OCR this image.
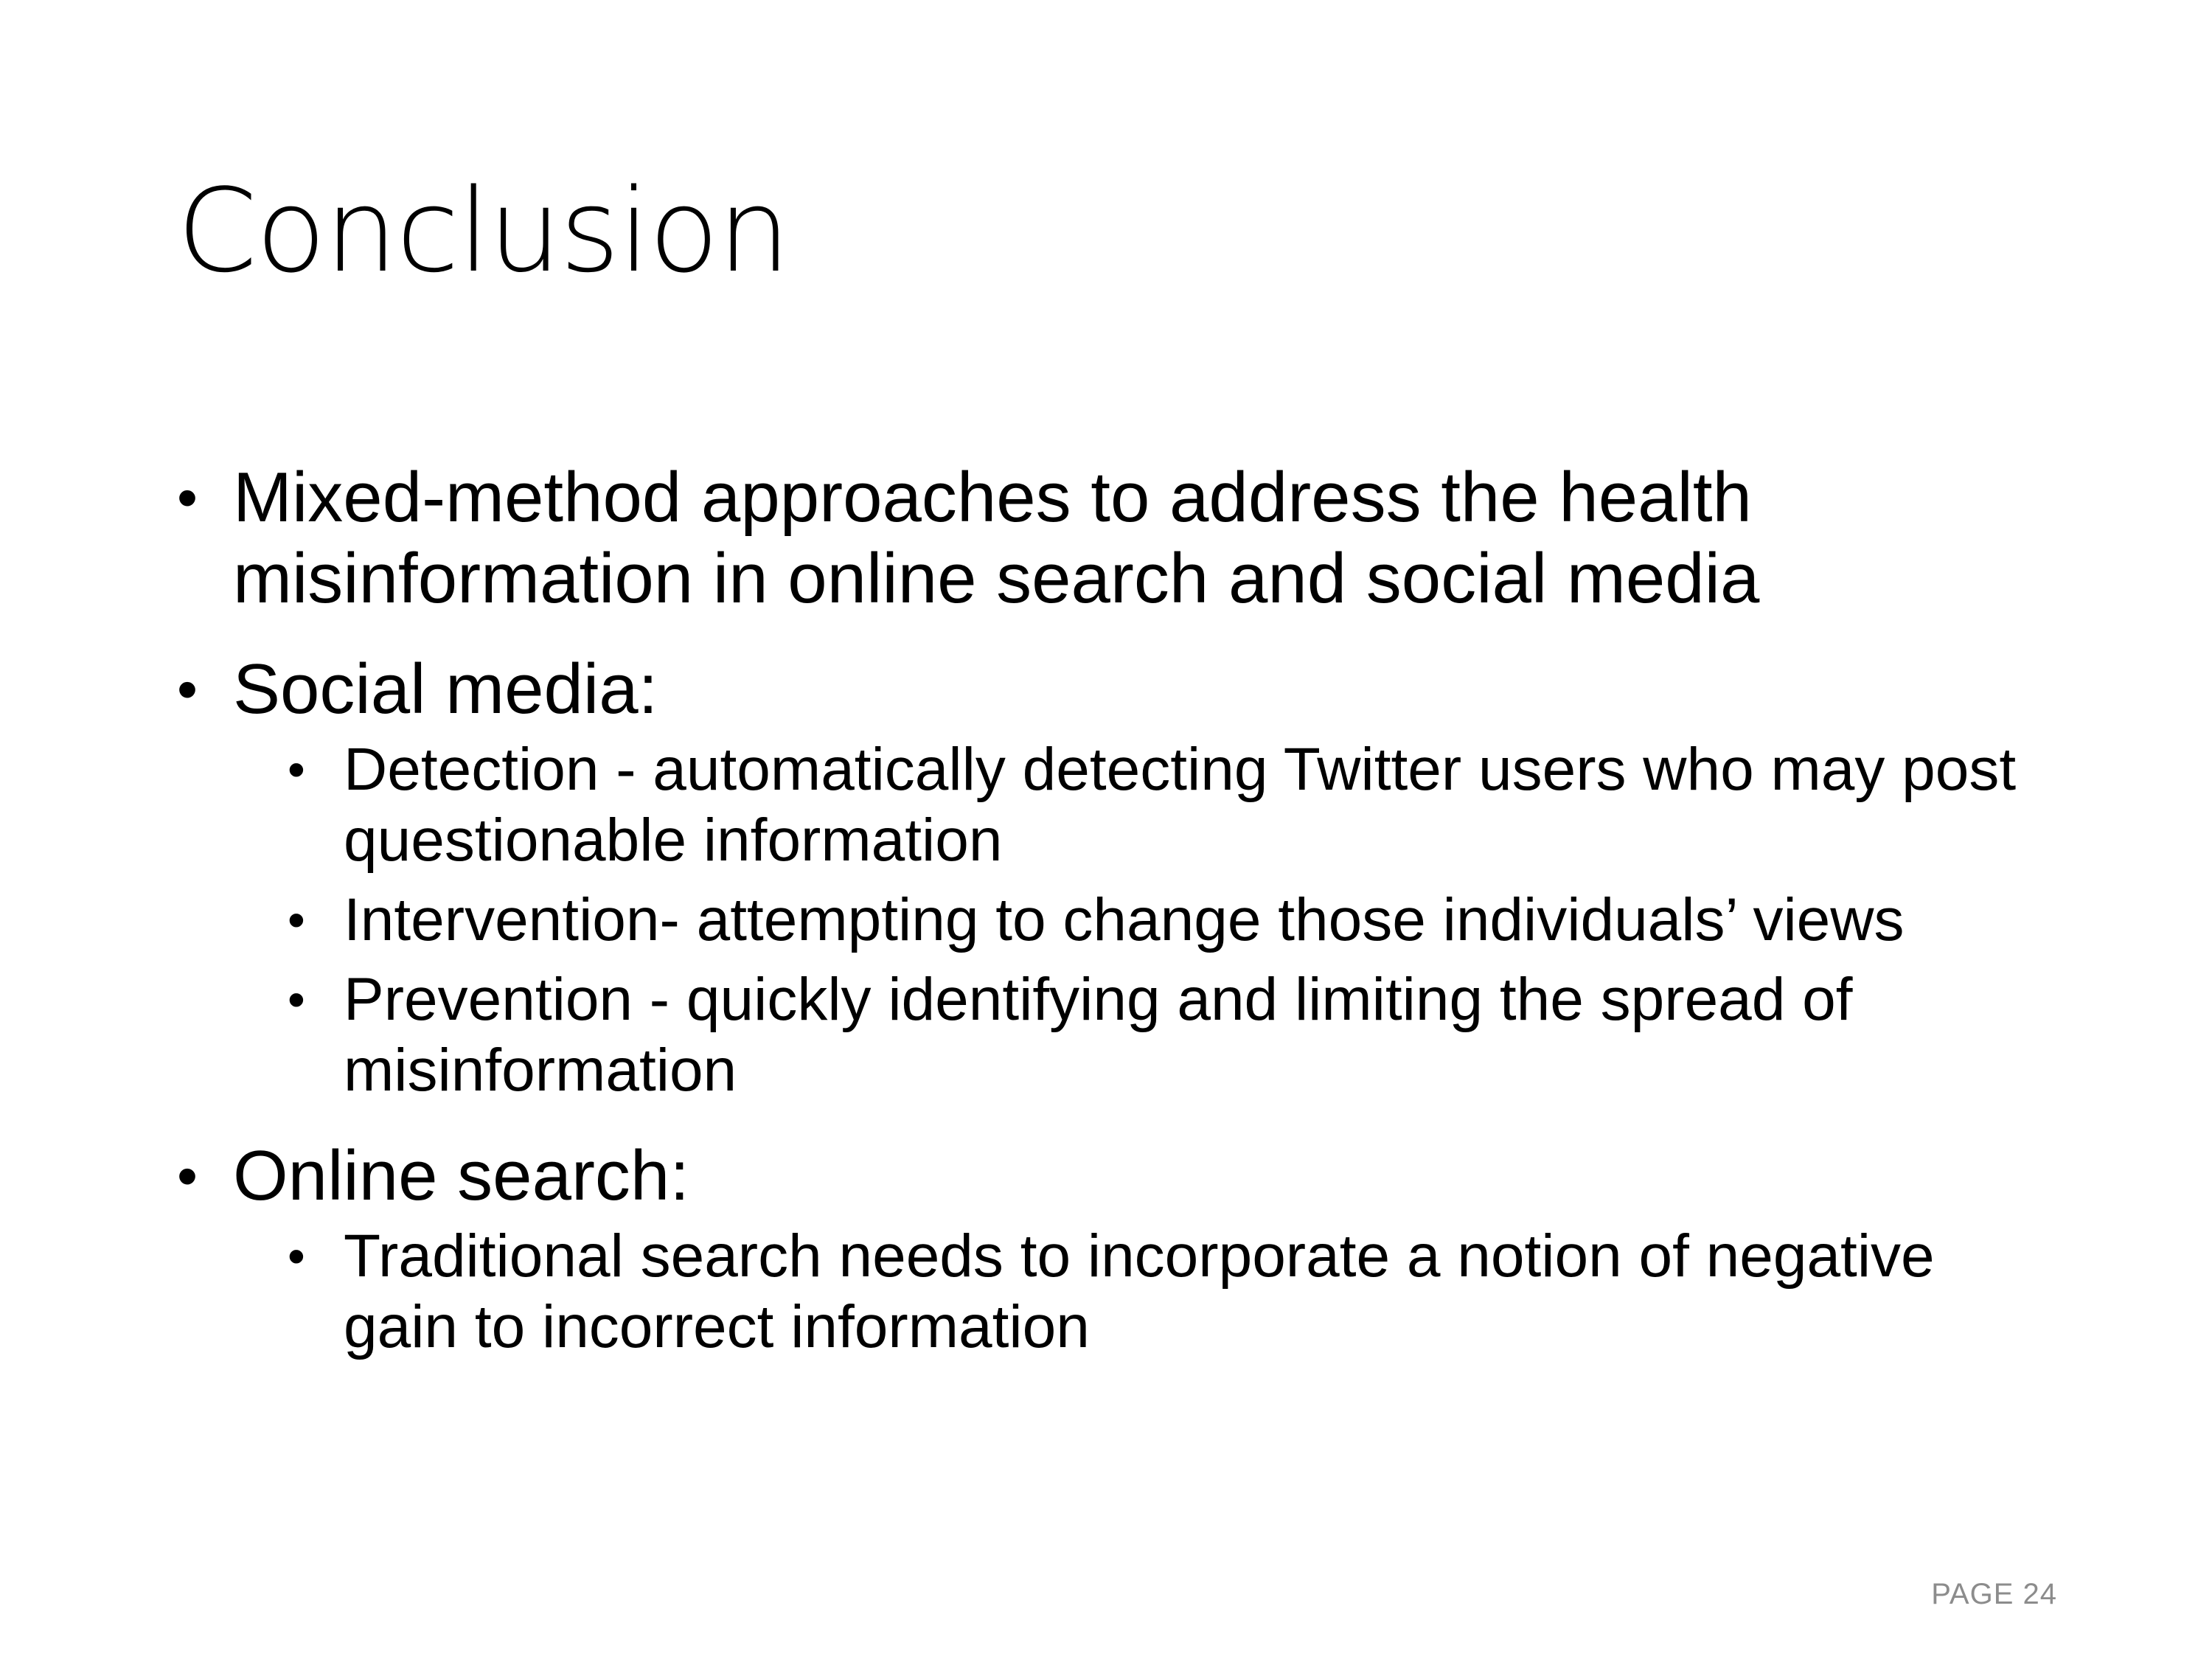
Conclusion
• Mixed-method approaches to address the health misinformation in online search and social media
• Social media:
• Detection - automatically detecting Twitter users who may post questionable information
• Intervention- attempting to change those individuals’ views
• Prevention - quickly identifying and limiting the spread of misinformation
• Online search:
• Traditional search needs to incorporate a notion of negative gain to incorrect information
PAGE 24
